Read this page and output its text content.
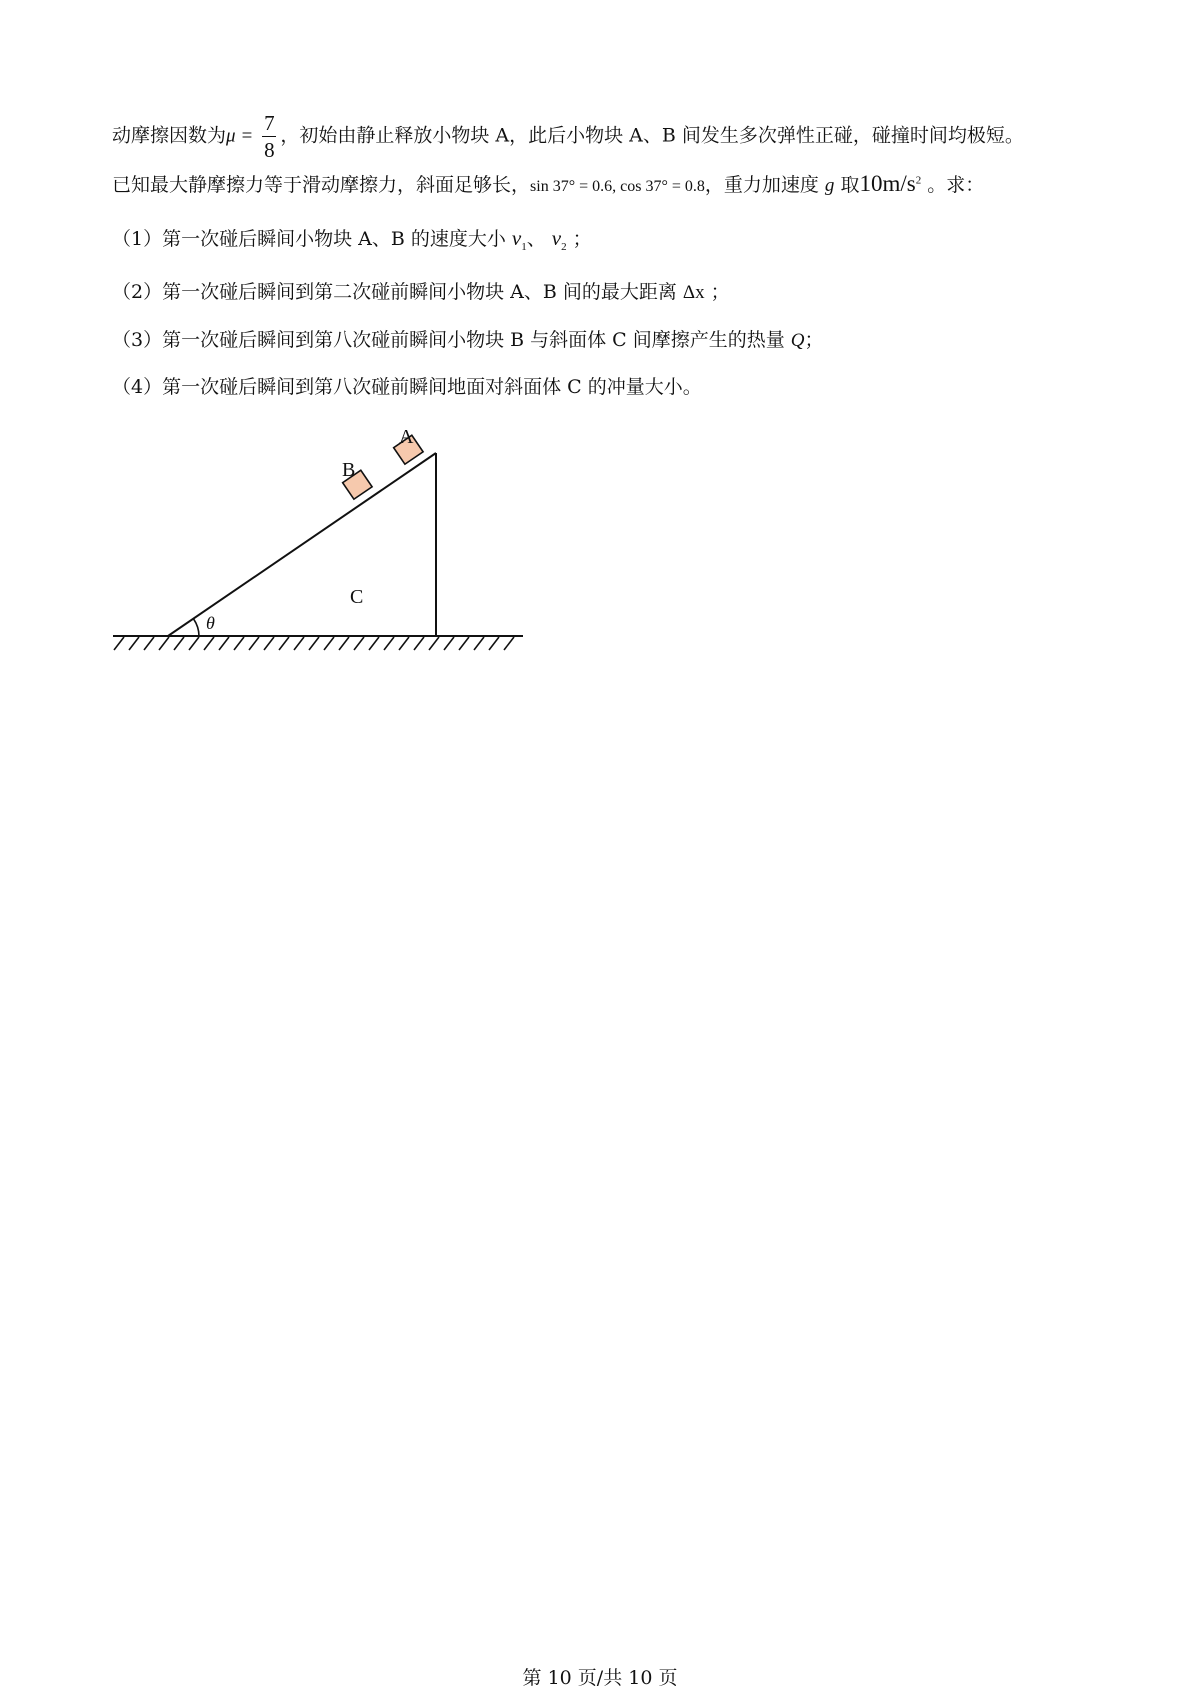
动摩擦因数为$\mu = \frac{7}{8}$ ，初始由静止释放小物块 A，此后小物块 A、B 间发生多次弹性正碰，碰撞时间均极短。
已知最大静摩擦力等于滑动摩擦力，斜面足够长，sin 37° = 0.6, cos 37° = 0.8，重力加速度 g 取$10m/s^2$ 。求：
（1）第一次碰后瞬间小物块 A、B 的速度大小 $v_1$、 $v_2$ ；
（2）第一次碰后瞬间到第二次碰前瞬间小物块 A、B 间的最大距离 Δx ；
（3）第一次碰后瞬间到第八次碰前瞬间小物块 B 与斜面体 C 间摩擦产生的热量 Q；
（4）第一次碰后瞬间到第八次碰前瞬间地面对斜面体 C 的冲量大小。
A
B
C
θ
第 10 页/共 10 页
